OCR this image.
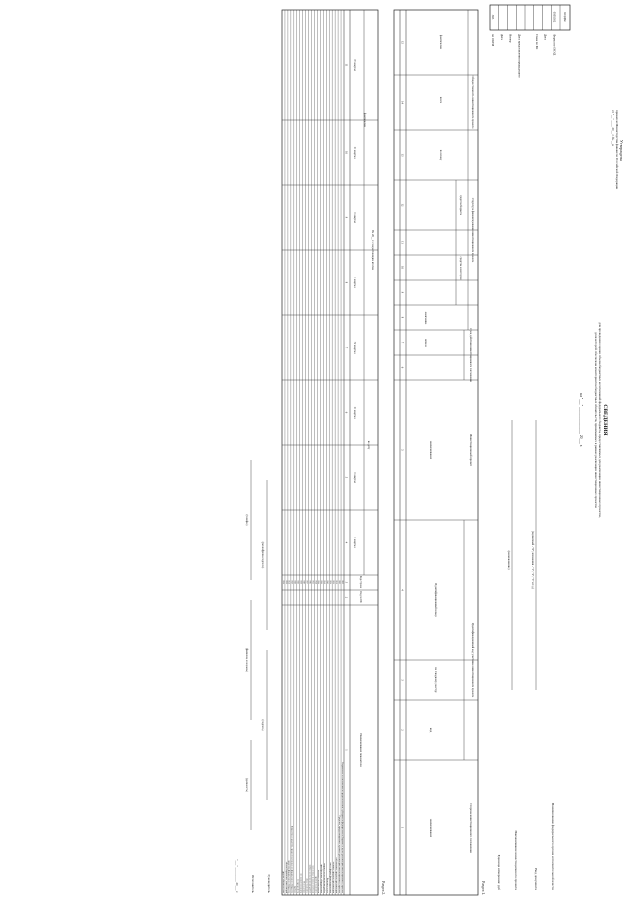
Утверждена
приказом Министерства финансов Российской Федерации
от "__" ____ 20__ г. № __н
СВЕДЕНИЯ
для проведения оценки объема бюджетных ассигнований федерального бюджета, предоставляемых для реализации инвестиционных проектов,
доля которой обеспечена мониторингом бюджетных обязательств, принимаемых в рамках реализации инвестиционных проектов
на "___" _______________ 20___ г.
КОДЫ
0505302
Форма по ОКУД
Дата
Глава по БК
Дата представления предыдущего
Номер
Дата
383
по ОКЕИ
Раздел 1.
1
2
3
4
5
6
7
8
9
10
11
12
13
14
15
Сторона инвестиционного соглашения
наименование
код
Идентификационный код участника инвестиционного проекта
по Сводному реестру
Идентификационный номер
Инвестиционный проект
наименование
Срок действия инвестиционного соглашения
начало
окончание
Структура финансирования инвестиционного проекта
средства инвесторов
средства бюджета
Общая стоимость инвестиционного проекта
по плану
всего
фактически
Раздел 2.
Наименование показателя
Код по БК
Код строки
на дату
На 20__ г. с нарастающим итогом
фактически
I квартал
II квартал
III квартал
IV квартал
I квартал
II квартал
III квартал
IV квартал
1
2
3
4
5
6
7
8
9
10
11
Бюджетные ассигнования на предоставление субсидии из федерального бюджета в целях реализации инвестиционного проекта
010
Средства, предусмотренные в рамках реализации инвестиционного проекта
020
собственные средства организации
021
заемные средства организации
022
иные формы финансирования
023
Выплаты всего
030
затраты на выполнение работ
031
приобретение оборудования
032
выплаты поставщикам
033
прочие выплаты
034
налоговые и иные платежи
035
займы на выполнение работ
036
иные выплаты
037
Погашение
040
по заимствованиям
041
по процентам
042
прочие
043
Бюджетные средства, предоставленные из федерального бюджета
050
средства федерального бюджета
051
объем бюджетных инвестиций
052
другие обязательства
053
Руководитель
(подпись)
(расшифровка подписи)
Исполнитель
(должность)
(фамилия, инициалы)
(телефон)
"___" _________ 20___ г.	Наименование федерального органа исполнительной власти
Вид документа
Наименование инвестиционного проекта
Единица измерения: руб
(первичный - "0"; изменения - "1", "2", "3" и т.д.)
(наименование)
